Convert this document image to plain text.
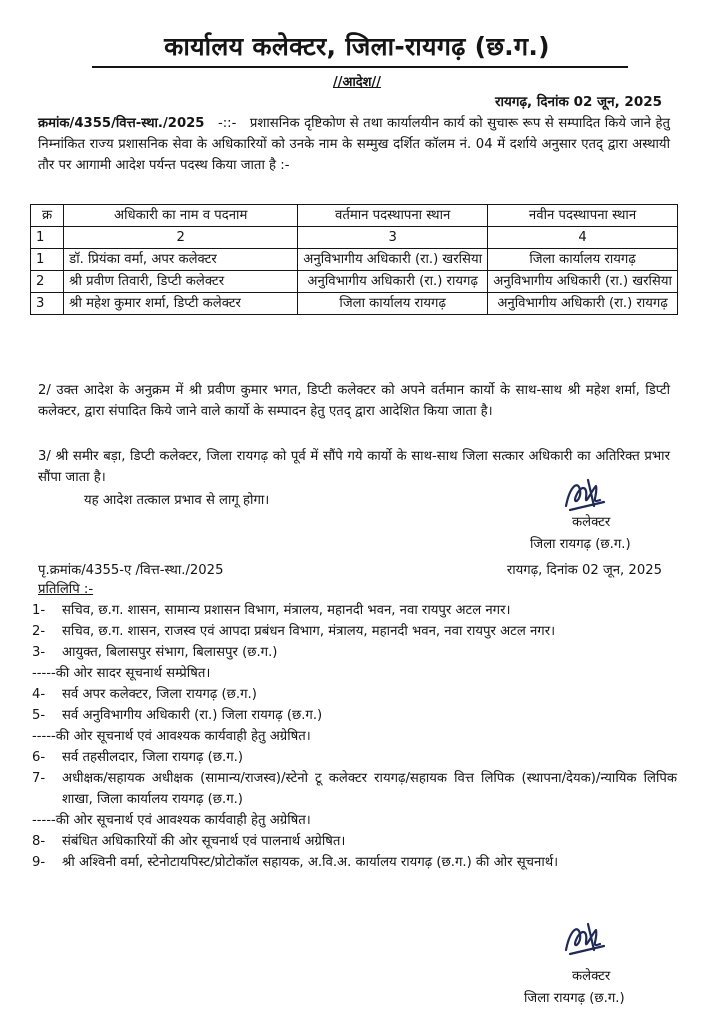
कार्यालय कलेक्टर, जिला-रायगढ़ (छ.ग.)
//आदेश//
रायगढ़, दिनांक 02 जून, 2025
क्रमांक/4355/वित्त-स्था./2025 -::- प्रशासनिक दृष्टिकोण से तथा कार्यालयीन कार्य को सुचारू रूप से सम्पादित किये जाने हेतु निम्नांकित राज्य प्रशासनिक सेवा के अधिकारियों को उनके नाम के सम्मुख दर्शित कॉलम नं. 04 में दर्शाये अनुसार एतद् द्वारा अस्थायी तौर पर आगामी आदेश पर्यन्त पदस्थ किया जाता है :-
क्र	अधिकारी का नाम व पदनाम	वर्तमान पदस्थापना स्थान	नवीन पदस्थापना स्थान
1	2	3	4
1	डॉ. प्रियंका वर्मा, अपर कलेक्टर	अनुविभागीय अधिकारी (रा.) खरसिया	जिला कार्यालय रायगढ़
2	श्री प्रवीण तिवारी, डिप्टी कलेक्टर	अनुविभागीय अधिकारी (रा.) रायगढ़	अनुविभागीय अधिकारी (रा.) खरसिया
3	श्री महेश कुमार शर्मा, डिप्टी कलेक्टर	जिला कार्यालय रायगढ़	अनुविभागीय अधिकारी (रा.) रायगढ़
2/ उक्त आदेश के अनुक्रम में श्री प्रवीण कुमार भगत, डिप्टी कलेक्टर को अपने वर्तमान कार्यो के साथ-साथ श्री महेश शर्मा, डिप्टी कलेक्टर, द्वारा संपादित किये जाने वाले कार्यो के सम्पादन हेतु एतद् द्वारा आदेशित किया जाता है।
3/ श्री समीर बड़ा, डिप्टी कलेक्टर, जिला रायगढ़ को पूर्व में सौंपे गये कार्यो के साथ-साथ जिला सत्कार अधिकारी का अतिरिक्त प्रभार सौंपा जाता है।
यह आदेश तत्काल प्रभाव से लागू होगा।
कलेक्टर
जिला रायगढ़ (छ.ग.)
पृ.क्रमांक/4355-ए /वित्त-स्था./2025	रायगढ़, दिनांक 02 जून, 2025
प्रतिलिपि :-
1-	सचिव, छ.ग. शासन, सामान्य प्रशासन विभाग, मंत्रालय, महानदी भवन, नवा रायपुर अटल नगर।
2-	सचिव, छ.ग. शासन, राजस्व एवं आपदा प्रबंधन विभाग, मंत्रालय, महानदी भवन, नवा रायपुर अटल नगर।
3-	आयुक्त, बिलासपुर संभाग, बिलासपुर (छ.ग.)
-----की ओर सादर सूचनार्थ सम्प्रेषित।
4-	सर्व अपर कलेक्टर, जिला रायगढ़ (छ.ग.)
5-	सर्व अनुविभागीय अधिकारी (रा.) जिला रायगढ़ (छ.ग.)
-----की ओर सूचनार्थ एवं आवश्यक कार्यवाही हेतु अग्रेषित।
6-	सर्व तहसीलदार, जिला रायगढ़ (छ.ग.)
7-	अधीक्षक/सहायक अधीक्षक (सामान्य/राजस्व)/स्टेनो टू कलेक्टर रायगढ़/सहायक वित्त लिपिक (स्थापना/देयक)/न्यायिक लिपिक शाखा, जिला कार्यालय रायगढ़ (छ.ग.)
-----की ओर सूचनार्थ एवं आवश्यक कार्यवाही हेतु अग्रेषित।
8-	संबंधित अधिकारियों की ओर सूचनार्थ एवं पालनार्थ अग्रेषित।
9-	श्री अश्विनी वर्मा, स्टेनोटायपिस्ट/प्रोटोकॉल सहायक, अ.वि.अ. कार्यालय रायगढ़ (छ.ग.) की ओर सूचनार्थ।
कलेक्टर
जिला रायगढ़ (छ.ग.)
